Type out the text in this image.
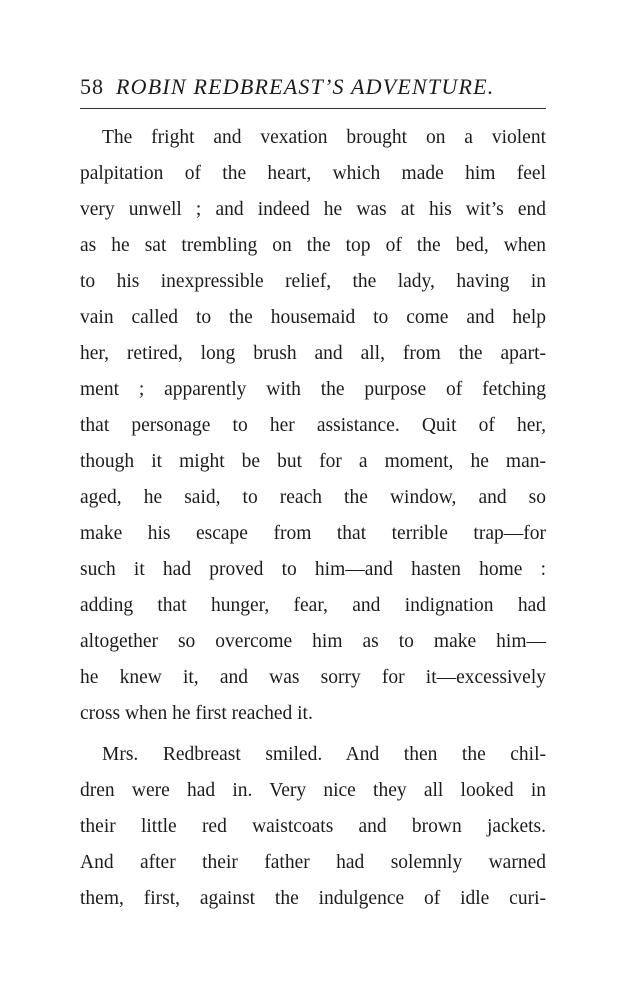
58 ROBIN REDBREAST’S ADVENTURE.
The fright and vexation brought on a violent
palpitation of the heart, which made him feel
very unwell ; and indeed he was at his wit’s end
as he sat trembling on the top of the bed, when
to his inexpressible relief, the lady, having in
vain called to the housemaid to come and help
her, retired, long brush and all, from the apart-
ment ; apparently with the purpose of fetching
that personage to her assistance. Quit of her,
though it might be but for a moment, he man-
aged, he said, to reach the window, and so
make his escape from that terrible trap—for
such it had proved to him—and hasten home :
adding that hunger, fear, and indignation had
altogether so overcome him as to make him—
he knew it, and was sorry for it—excessively
cross when he first reached it.
Mrs. Redbreast smiled. And then the chil-
dren were had in. Very nice they all looked in
their little red waistcoats and brown jackets.
And after their father had solemnly warned
them, first, against the indulgence of idle curi-
